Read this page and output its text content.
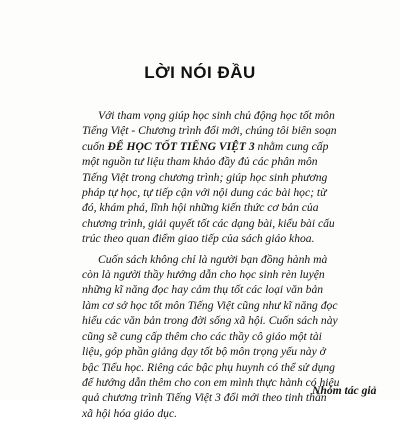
LỜI NÓI ĐẦU
Với tham vọng giúp học sinh chủ động học tốt môn
Tiếng Việt - Chương trình đổi mới, chúng tôi biên soạn
cuốn ĐỂ HỌC TỐT TIẾNG VIỆT 3 nhằm cung cấp
một nguồn tư liệu tham khảo đầy đủ các phân môn
Tiếng Việt trong chương trình; giúp học sinh phương
pháp tự học, tự tiếp cận với nội dung các bài học; từ
đó, khám phá, lĩnh hội những kiến thức cơ bản của
chương trình, giải quyết tốt các dạng bài, kiểu bài cấu
trúc theo quan điểm giao tiếp của sách giáo khoa.
Cuốn sách không chỉ là người bạn đồng hành mà
còn là người thầy hướng dẫn cho học sinh rèn luyện
những kĩ năng đọc hay cảm thụ tốt các loại văn bản
làm cơ sở học tốt môn Tiếng Việt cũng như kĩ năng đọc
hiểu các văn bản trong đời sống xã hội. Cuốn sách này
cũng sẽ cung cấp thêm cho các thầy cô giáo một tài
liệu, góp phần giảng dạy tốt bộ môn trọng yếu này ở
bậc Tiểu học. Riêng các bậc phụ huynh có thể sử dụng
để hướng dẫn thêm cho con em mình thực hành có hiệu
quả chương trình Tiếng Việt 3 đổi mới theo tinh thần
xã hội hóa giáo dục.
Nhóm tác giả
